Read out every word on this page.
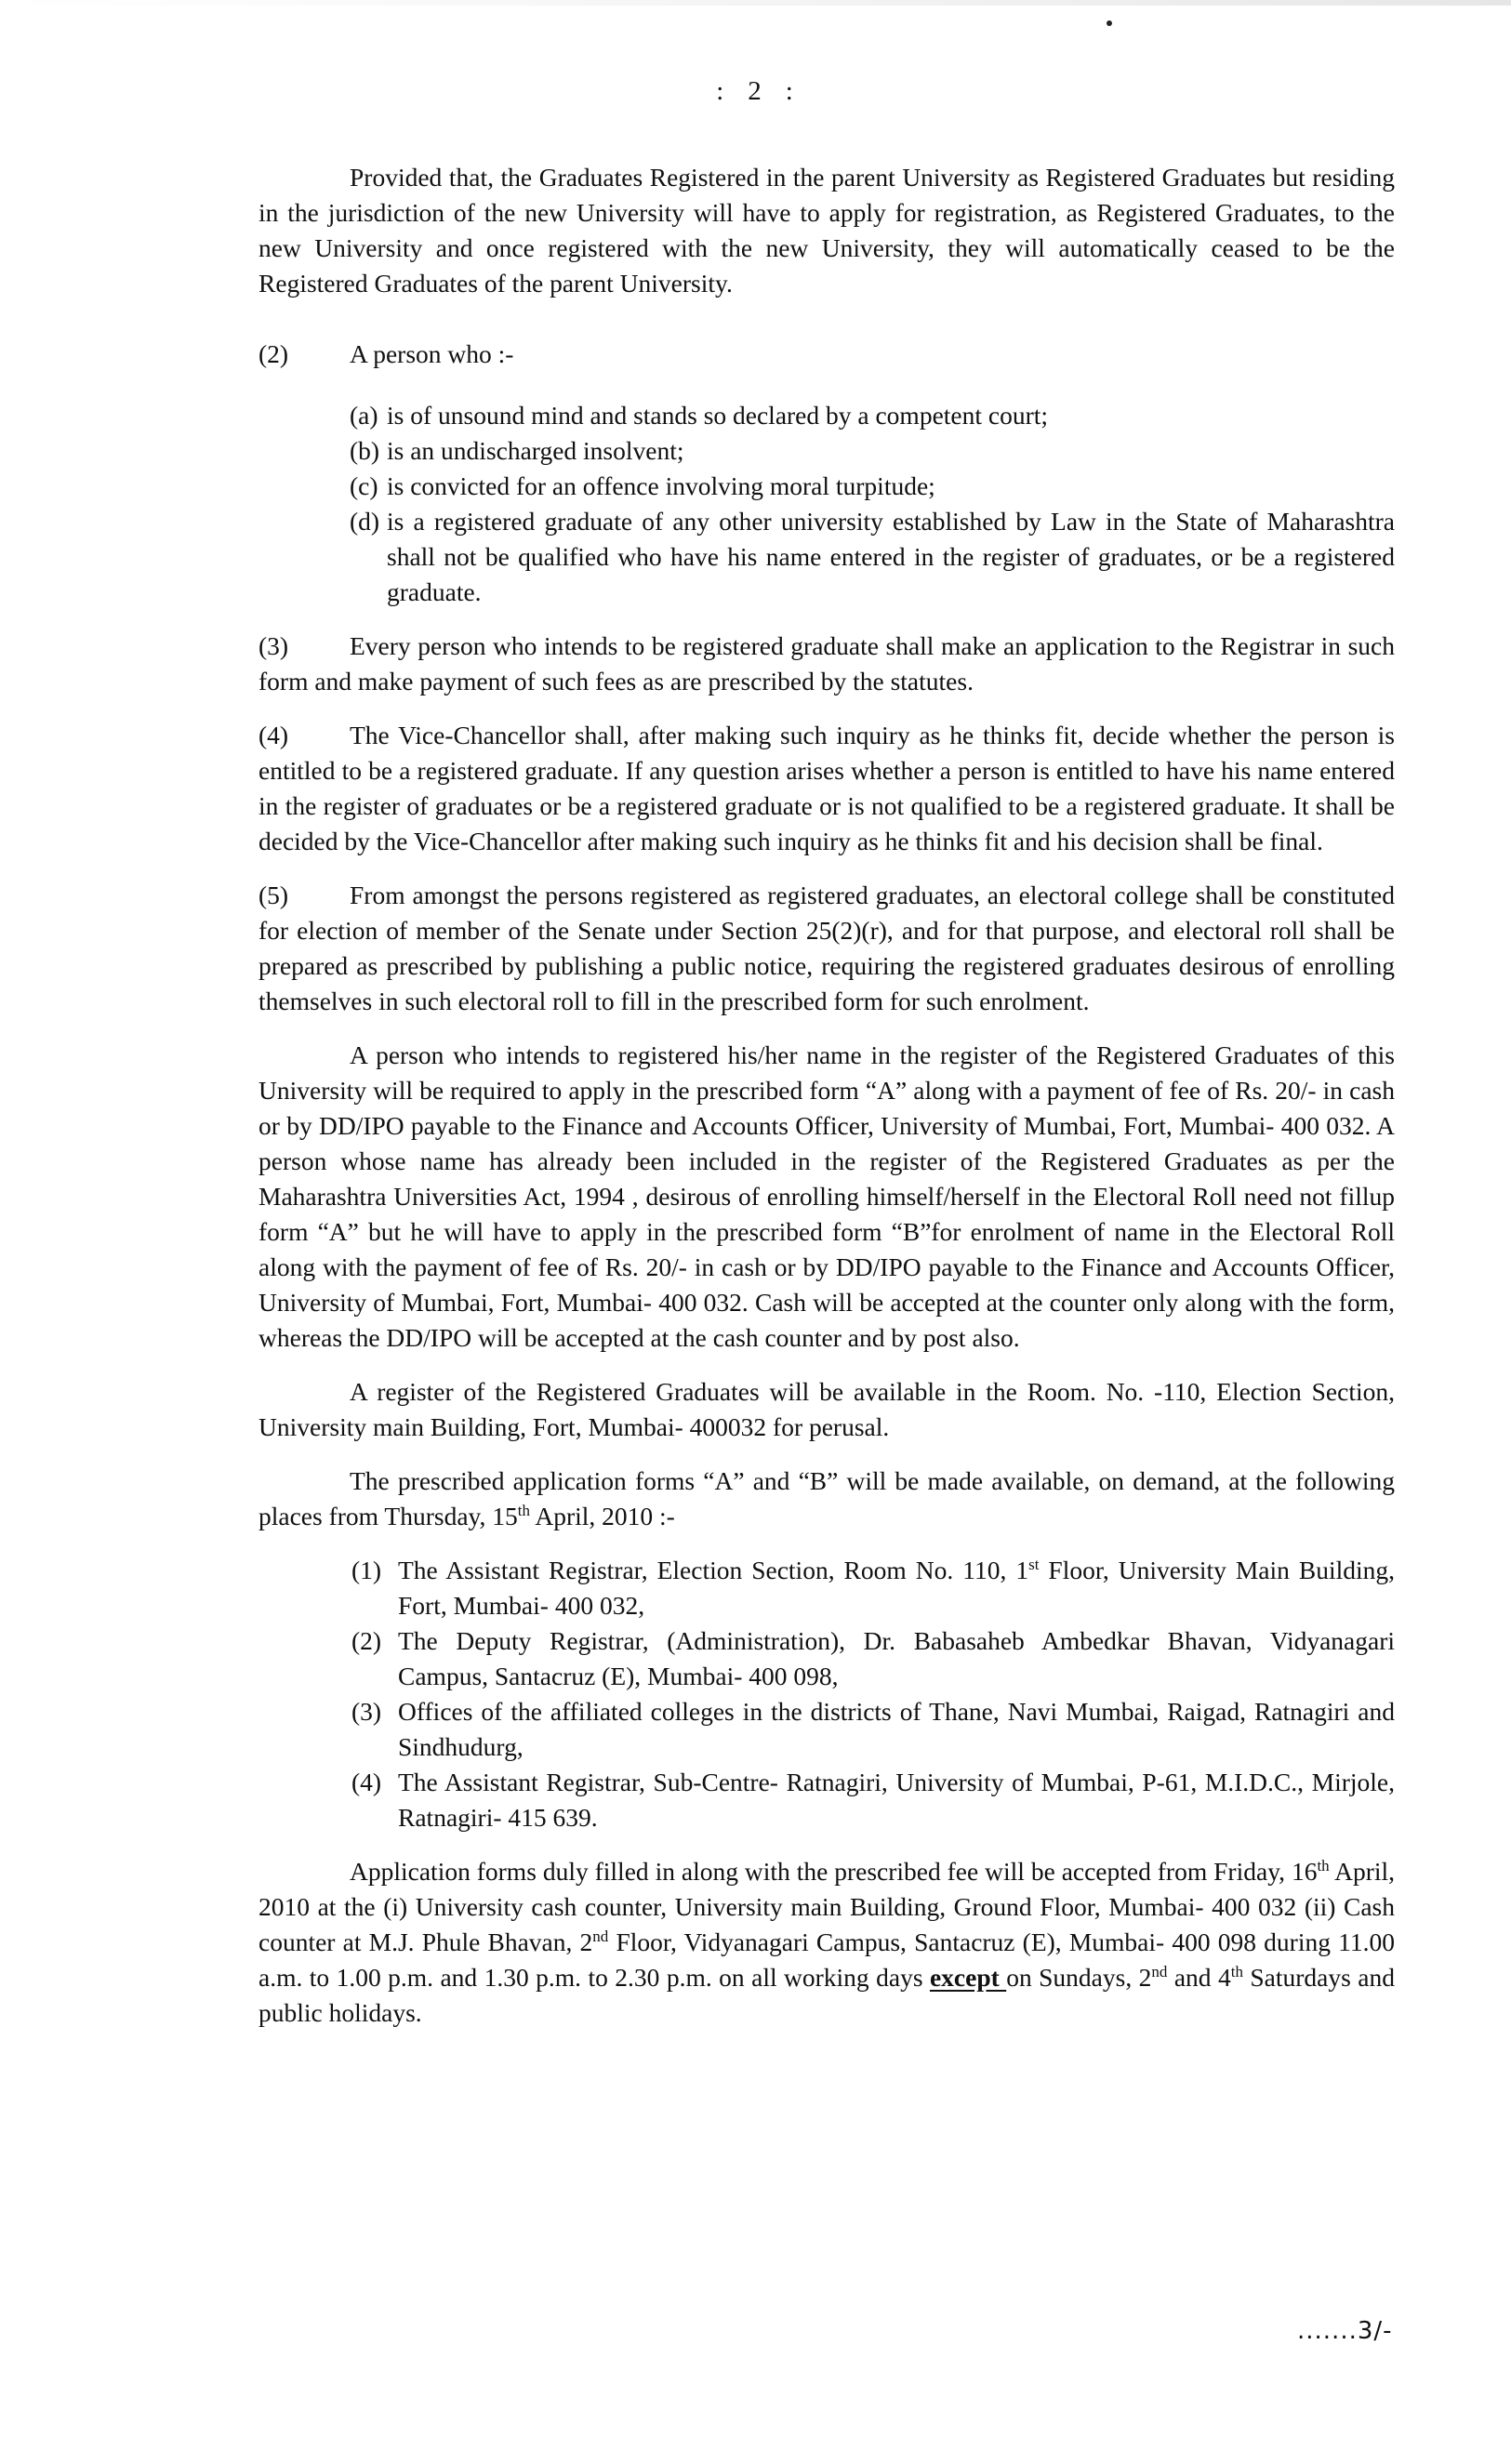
: 2 :

Provided that, the Graduates Registered in the parent University as Registered Graduates but residing in the jurisdiction of the new University will have to apply for registration, as Registered Graduates, to the new University and once registered with the new University, they will automatically ceased to be the Registered Graduates of the parent University.

(2) A person who :-

(a) is of unsound mind and stands so declared by a competent court;
(b) is an undischarged insolvent;
(c) is convicted for an offence involving moral turpitude;
(d) is a registered graduate of any other university established by Law in the State of Maharashtra shall not be qualified who have his name entered in the register of graduates, or be a registered graduate.

(3) Every person who intends to be registered graduate shall make an application to the Registrar in such form and make payment of such fees as are prescribed by the statutes.

(4) The Vice-Chancellor shall, after making such inquiry as he thinks fit, decide whether the person is entitled to be a registered graduate. If any question arises whether a person is entitled to have his name entered in the register of graduates or be a registered graduate or is not qualified to be a registered graduate. It shall be decided by the Vice-Chancellor after making such inquiry as he thinks fit and his decision shall be final.

(5) From amongst the persons registered as registered graduates, an electoral college shall be constituted for election of member of the Senate under Section 25(2)(r), and for that purpose, and electoral roll shall be prepared as prescribed by publishing a public notice, requiring the registered graduates desirous of enrolling themselves in such electoral roll to fill in the prescribed form for such enrolment.

A person who intends to registered his/her name in the register of the Registered Graduates of this University will be required to apply in the prescribed form “A” along with a payment of fee of Rs. 20/- in cash or by DD/IPO payable to the Finance and Accounts Officer, University of Mumbai, Fort, Mumbai- 400 032. A person whose name has already been included in the register of the Registered Graduates as per the Maharashtra Universities Act, 1994 , desirous of enrolling himself/herself in the Electoral Roll need not fillup form “A” but he will have to apply in the prescribed form “B”for enrolment of name in the Electoral Roll along with the payment of fee of Rs. 20/- in cash or by DD/IPO payable to the Finance and Accounts Officer, University of Mumbai, Fort, Mumbai- 400 032. Cash will be accepted at the counter only along with the form, whereas the DD/IPO will be accepted at the cash counter and by post also.

A register of the Registered Graduates will be available in the Room. No. -110, Election Section, University main Building, Fort, Mumbai- 400032 for perusal.

The prescribed application forms “A” and “B” will be made available, on demand, at the following places from Thursday, 15th April, 2010 :-

(1) The Assistant Registrar, Election Section, Room No. 110, 1st Floor, University Main Building, Fort, Mumbai- 400 032,
(2) The Deputy Registrar, (Administration), Dr. Babasaheb Ambedkar Bhavan, Vidyanagari Campus, Santacruz (E), Mumbai- 400 098,
(3) Offices of the affiliated colleges in the districts of Thane, Navi Mumbai, Raigad, Ratnagiri and Sindhudurg,
(4) The Assistant Registrar, Sub-Centre- Ratnagiri, University of Mumbai, P-61, M.I.D.C., Mirjole, Ratnagiri- 415 639.

Application forms duly filled in along with the prescribed fee will be accepted from Friday, 16th April, 2010 at the (i) University cash counter, University main Building, Ground Floor, Mumbai- 400 032 (ii) Cash counter at M.J. Phule Bhavan, 2nd Floor, Vidyanagari Campus, Santacruz (E), Mumbai- 400 098 during 11.00 a.m. to 1.00 p.m. and 1.30 p.m. to 2.30 p.m. on all working days except on Sundays, 2nd and 4th Saturdays and public holidays.

.......3/-
